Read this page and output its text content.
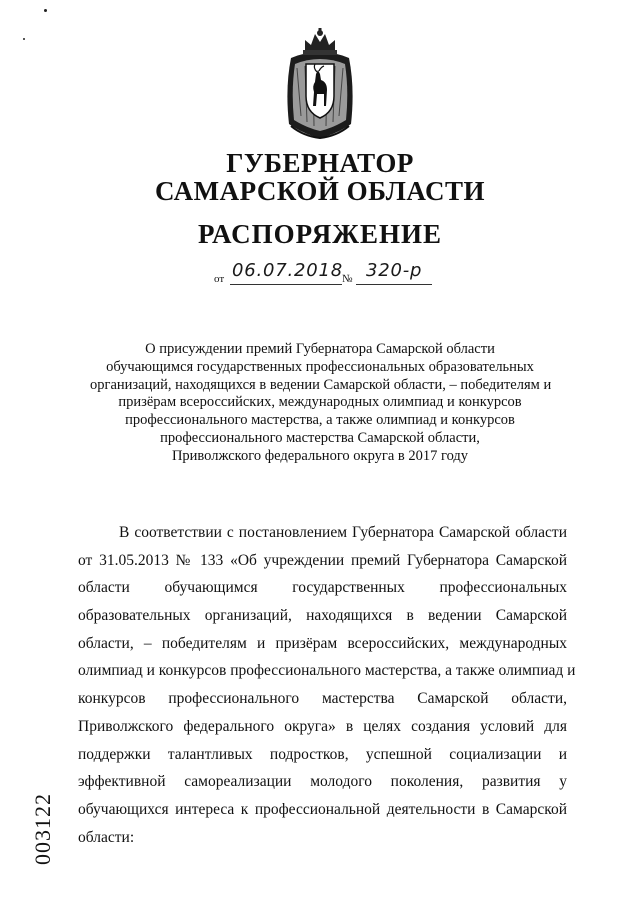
ГУБЕРНАТОР
САМАРСКОЙ ОБЛАСТИ
РАСПОРЯЖЕНИЕ
от 06.07.2018
№ 320-р
О присуждении премий Губернатора Самарской области
обучающимся государственных профессиональных образовательных
организаций, находящихся в ведении Самарской области, – победителям и
призёрам всероссийских, международных олимпиад и конкурсов
профессионального мастерства, а также олимпиад и конкурсов
профессионального мастерства Самарской области,
Приволжского федерального округа в 2017 году
В соответствии с постановлением Губернатора Самарской области
от 31.05.2013 № 133 «Об учреждении премий Губернатора Самарской
области обучающимся государственных профессиональных
образовательных организаций, находящихся в ведении Самарской
области, – победителям и призёрам всероссийских, международных
олимпиад и конкурсов профессионального мастерства, а также олимпиад и
конкурсов профессионального мастерства Самарской области,
Приволжского федерального округа» в целях создания условий для
поддержки талантливых подростков, успешной социализации и
эффективной самореализации молодого поколения, развития у
обучающихся интереса к профессиональной деятельности в Самарской
области:
003122
